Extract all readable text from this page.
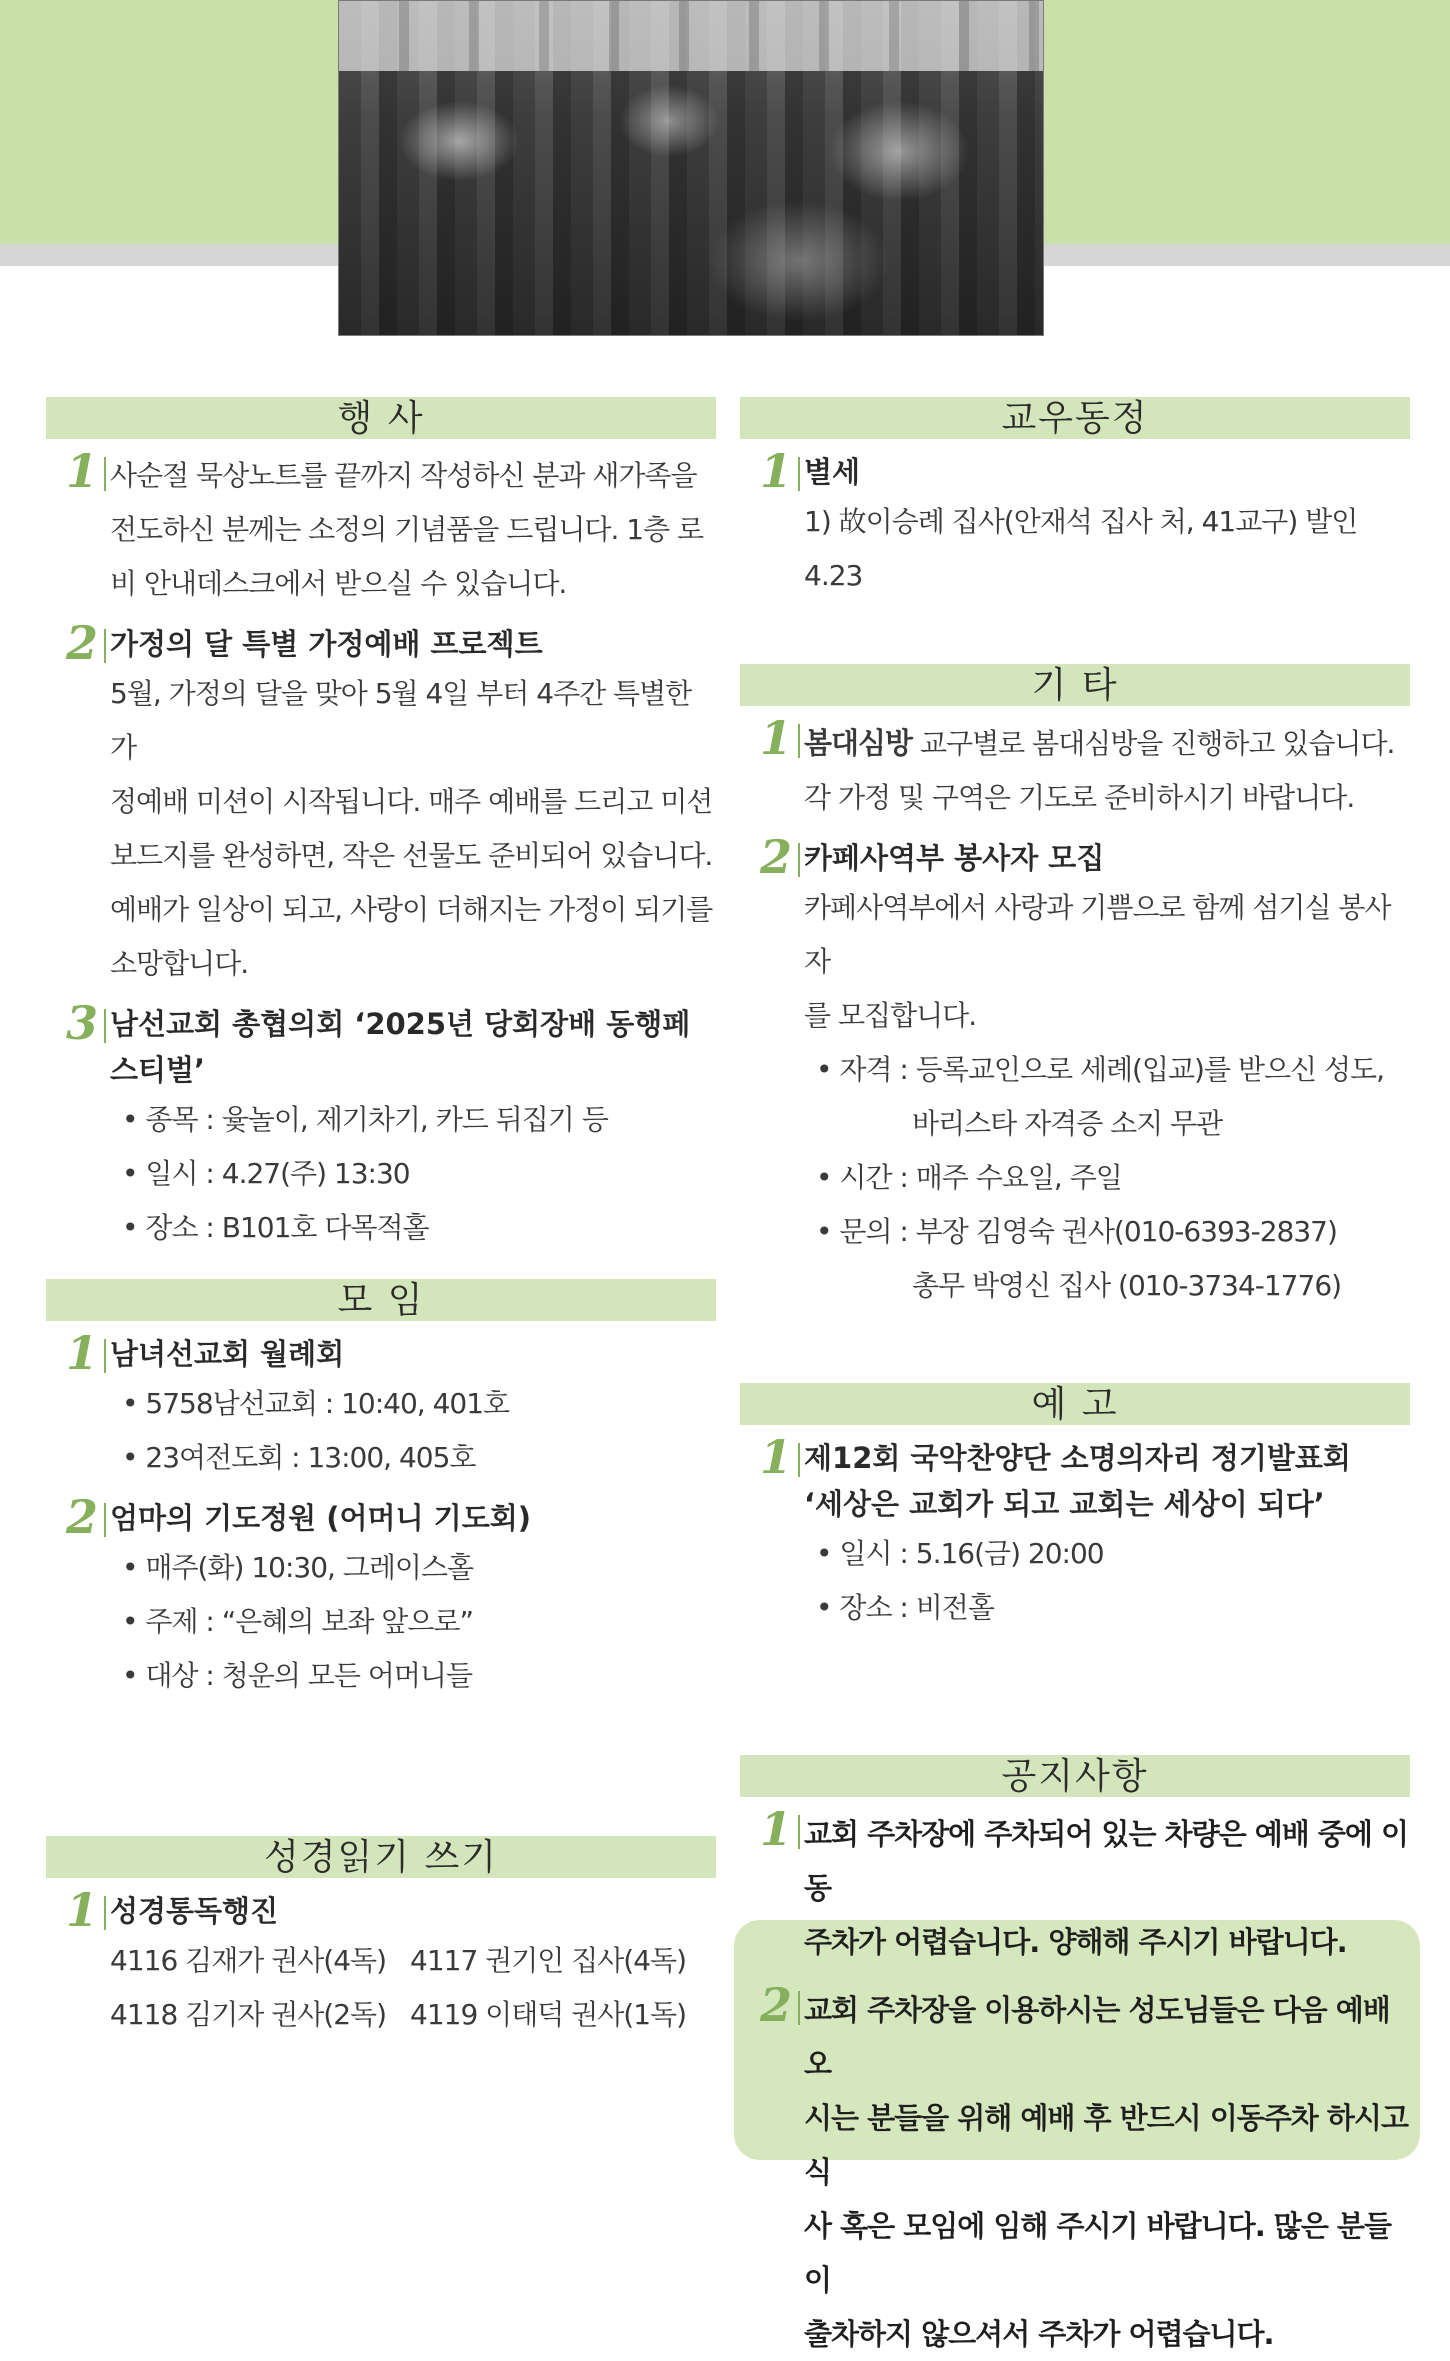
행 사
1 사순절 묵상노트를 끝까지 작성하신 분과 새가족을
전도하신 분께는 소정의 기념품을 드립니다. 1층 로
비 안내데스크에서 받으실 수 있습니다.
2 가정의 달 특별 가정예배 프로젝트
5월, 가정의 달을 맞아 5월 4일 부터 4주간 특별한 가
정예배 미션이 시작됩니다. 매주 예배를 드리고 미션
보드지를 완성하면, 작은 선물도 준비되어 있습니다.
예배가 일상이 되고, 사랑이 더해지는 가정이 되기를
소망합니다.
3 남선교회 총협의회 ‘2025년 당회장배 동행페스티벌’
• 종목 : 윷놀이, 제기차기, 카드 뒤집기 등
• 일시 : 4.27(주) 13:30
• 장소 : B101호 다목적홀
모 임
1 남녀선교회 월례회
• 5758남선교회 : 10:40, 401호
• 23여전도회 : 13:00, 405호
2 엄마의 기도정원 (어머니 기도회)
• 매주(화) 10:30, 그레이스홀
• 주제 : “은혜의 보좌 앞으로”
• 대상 : 청운의 모든 어머니들
성경읽기 쓰기
1 성경통독행진
4116 김재가 권사(4독) 4117 권기인 집사(4독)
4118 김기자 권사(2독) 4119 이태덕 권사(1독)
교우동정
1 별세
1) 故이승례 집사(안재석 집사 처, 41교구) 발인 4.23
기 타
1 봄대심방 교구별로 봄대심방을 진행하고 있습니다.
각 가정 및 구역은 기도로 준비하시기 바랍니다.
2 카페사역부 봉사자 모집
카페사역부에서 사랑과 기쁨으로 함께 섬기실 봉사자
를 모집합니다.
• 자격 : 등록교인으로 세례(입교)를 받으신 성도,
바리스타 자격증 소지 무관
• 시간 : 매주 수요일, 주일
• 문의 : 부장 김영숙 권사(010-6393-2837)
총무 박영신 집사 (010-3734-1776)
예 고
1 제12회 국악찬양단 소명의자리 정기발표회
‘세상은 교회가 되고 교회는 세상이 되다’
• 일시 : 5.16(금) 20:00
• 장소 : 비전홀
공지사항
1 교회 주차장에 주차되어 있는 차량은 예배 중에 이동
주차가 어렵습니다. 양해해 주시기 바랍니다.
2 교회 주차장을 이용하시는 성도님들은 다음 예배 오
시는 분들을 위해 예배 후 반드시 이동주차 하시고 식
사 혹은 모임에 임해 주시기 바랍니다. 많은 분들이
출차하지 않으셔서 주차가 어렵습니다.
